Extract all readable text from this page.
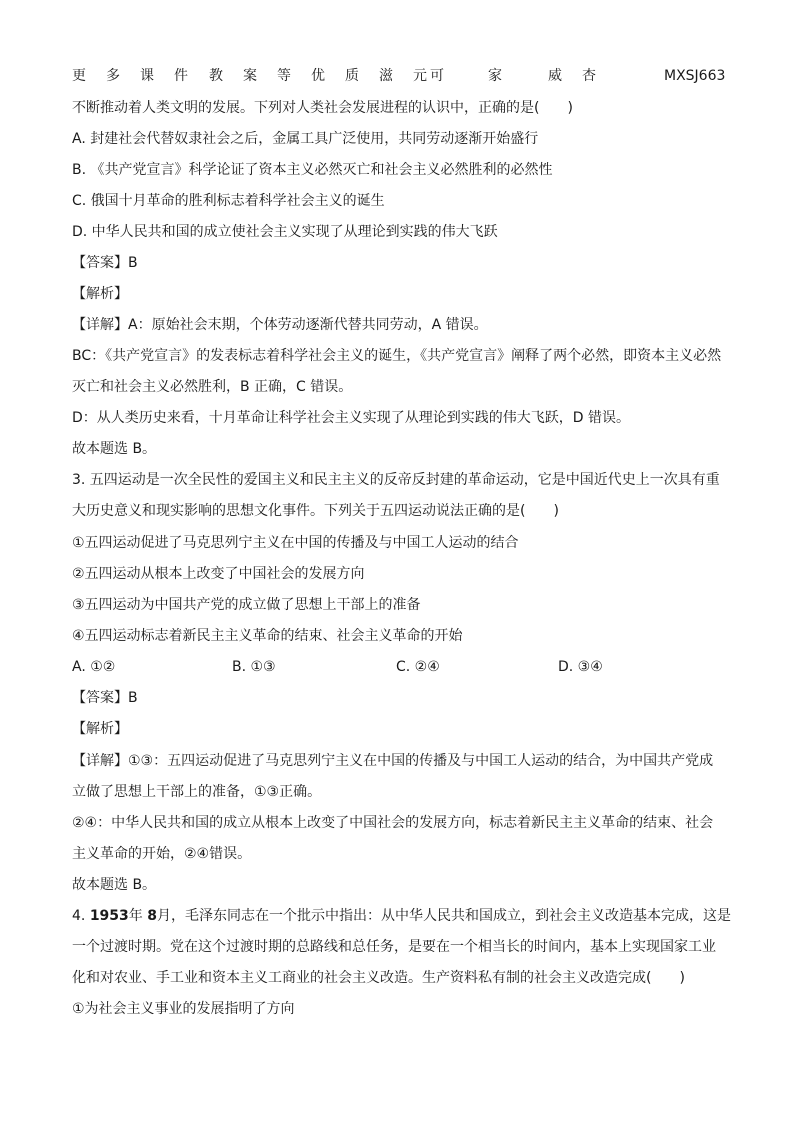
更 多 课 件 教 案 等 优 质 滋 元 可	家	威 杏	MXSJ663
不断推动着人类文明的发展。下列对人类社会发展进程的认识中，正确的是(　　)
A. 封建社会代替奴隶社会之后，金属工具广泛使用，共同劳动逐渐开始盛行
B. 《共产党宣言》科学论证了资本主义必然灭亡和社会主义必然胜利的必然性
C. 俄国十月革命的胜利标志着科学社会主义的诞生
D. 中华人民共和国的成立使社会主义实现了从理论到实践的伟大飞跃
【答案】B
【解析】
【详解】A：原始社会末期，个体劳动逐渐代替共同劳动，A 错误。
BC：《共产党宣言》的发表标志着科学社会主义的诞生，《共产党宣言》阐释了两个必然，即资本主义必然
灭亡和社会主义必然胜利，B 正确，C 错误。
D：从人类历史来看，十月革命让科学社会主义实现了从理论到实践的伟大飞跃，D 错误。
故本题选 B。
3. 五四运动是一次全民性的爱国主义和民主主义的反帝反封建的革命运动，它是中国近代史上一次具有重
大历史意义和现实影响的思想文化事件。下列关于五四运动说法正确的是(　　)
①五四运动促进了马克思列宁主义在中国的传播及与中国工人运动的结合
②五四运动从根本上改变了中国社会的发展方向
③五四运动为中国共产党的成立做了思想上干部上的准备
④五四运动标志着新民主主义革命的结束、社会主义革命的开始
A. ①②	B. ①③	C. ②④	D. ③④
【答案】B
【解析】
【详解】①③：五四运动促进了马克思列宁主义在中国的传播及与中国工人运动的结合，为中国共产党成
立做了思想上干部上的准备，①③正确。
②④：中华人民共和国的成立从根本上改变了中国社会的发展方向，标志着新民主主义革命的结束、社会
主义革命的开始，②④错误。
故本题选 B。
4. 1953年 8月，毛泽东同志在一个批示中指出：从中华人民共和国成立，到社会主义改造基本完成，这是
一个过渡时期。党在这个过渡时期的总路线和总任务，是要在一个相当长的时间内，基本上实现国家工业
化和对农业、手工业和资本主义工商业的社会主义改造。生产资料私有制的社会主义改造完成(　　)
①为社会主义事业的发展指明了方向
